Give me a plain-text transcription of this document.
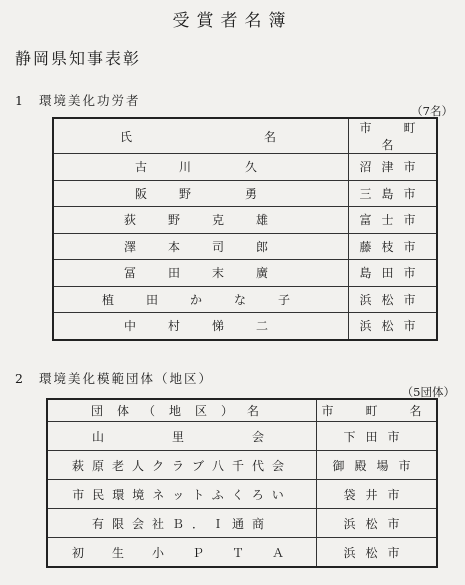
受賞者名簿
静岡県知事表彰
1 環境美化功労者
（7名）
氏　　名	市　町　名
古　川　　久	沼津市
阪　野　　勇	三島市
荻　野　克　雄	富士市
澤　本　司　郎	藤枝市
冨　田　末　廣	島田市
植　田　か　な　子	浜松市
中　村　悌　二	浜松市
2 環境美化模範団体（地区）
（5団体）
団体（地区）名	市　町　名
山　　　里　　　会	下田市
萩原老人クラブ八千代会	御殿場市
市民環境ネットふくろい	袋井市
有限会社Ｂ．Ｉ通商	浜松市
初　生　小　Ｐ　Ｔ　Ａ	浜松市
